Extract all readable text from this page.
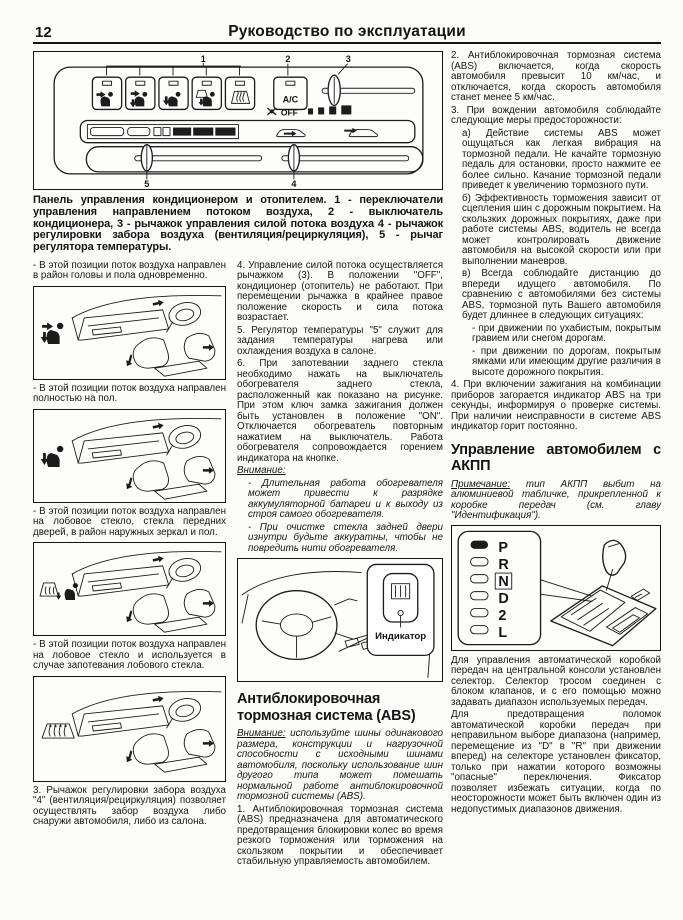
12	Руководство по эксплуатации
1	2	3
A/C
OFF
5	4

Панель управления кондиционером и отопителем. 1 - переключатели управления направлением потоком воздуха, 2 - выключатель кондиционера, 3 - рычажок управления силой потока воздуха 4 - рычажок регулировки забора воздуха (вентиляция/рециркуляция), 5 - рычаг регулятора температуры.

- В этой позиции поток воздуха направлен в район головы и пола одновременно.

- В этой позиции поток воздуха направлен полностью на пол.

- В этой позиции поток воздуха направлен на лобовое стекло, стекла передних дверей, в район наружных зеркал и пол.

- В этой позиции поток воздуха направлен на лобовое стекло и используется в случае запотевания лобового стекла.

3. Рычажок регулировки забора воздуха "4" (вентиляция/рециркуляция) позволяет осуществлять забор воздуха либо снаружи автомобиля, либо из салона.

4. Управление силой потока осуществляется рычажком (3). В положении "OFF", кондиционер (отопитель) не работают. При перемещении рычажка в крайнее правое положение скорость и сила потока возрастает.

5. Регулятор температуры "5" служит для задания температуры нагрева или охлаждения воздуха в салоне.

6. При запотевании заднего стекла необходимо нажать на выключатель обогревателя заднего стекла, расположенный как показано на рисунке. При этом ключ замка зажигания должен быть установлен в положение "ON". Отключается обогреватель повторным нажатием на выключатель. Работа обогревателя сопровождается горением индикатора на кнопке.

Внимание:

- Длительная работа обогревателя может привести к разрядке аккумуляторной батареи и к выходу из строя самого обогревателя.

- При очистке стекла задней двери изнутри будьте аккуратны, чтобы не повредить нити обогревателя.

Индикатор
Антиблокировочная тормозная система (ABS)

Внимание: используйте шины одинакового размера, конструкции и нагрузочной способности с исходными шинами автомобиля, поскольку использование шин другого типа может помешать нормальной работе антиблокировочной тормозной системы (ABS).

1. Антиблокировочная тормозная система (ABS) предназначена для автоматического предотвращения блокировки колес во время резкого торможения или торможения на скользком покрытии и обеспечивает стабильную управляемость автомобилем.

2. Антиблокировочная тормозная система (ABS) включается, когда скорость автомобиля превысит 10 км/час, и отключается, когда скорость автомобиля станет менее 5 км/час.

3. При вождении автомобиля соблюдайте следующие меры предосторожности:

а) Действие системы ABS может ощущаться как легкая вибрация на тормозной педали. Не качайте тормозную педаль для остановки, просто нажмите ее более сильно. Качание тормозной педали приведет к увеличению тормозного пути.

б) Эффективность торможения зависит от сцепления шин с дорожным покрытием. На скользких дорожных покрытиях, даже при работе системы ABS, водитель не всегда может контролировать движение автомобиля на высокой скорости или при выполнении маневров.

в) Всегда соблюдайте дистанцию до впереди идущего автомобиля. По сравнению с автомобилями без системы ABS, тормозной путь Вашего автомобиля будет длиннее в следующих ситуациях:

- при движении по ухабистым, покрытым гравием или снегом дорогам.

- при движении по дорогам, покрытым ямками или имеющим другие различия в высоте дорожного покрытия.

4. При включении зажигания на комбинации приборов загорается индикатор ABS на три секунды, информируя о проверке системы. При наличии неисправности в системе ABS индикатор горит постоянно.

Управление автомобилем с АКПП

Примечание: тип АКПП выбит на алюминиевой табличке, прикрепленной к коробке передач (см. главу "Идентификация").

P
R
N
D
2
L

Для управления автоматической коробкой передач на центральной консоли установлен селектор. Селектор тросом соединен с блоком клапанов, и с его помощью можно задавать диапазон используемых передач.

Для предотвращения поломок автоматической коробки передач при неправильном выборе диапазона (например, перемещение из "D" в "R" при движении вперед) на селекторе установлен фиксатор, только при нажатии которого возможны "опасные" переключения. Фиксатор позволяет избежать ситуации, когда по неосторожности может быть включен один из недопустимых диапазонов движения.
